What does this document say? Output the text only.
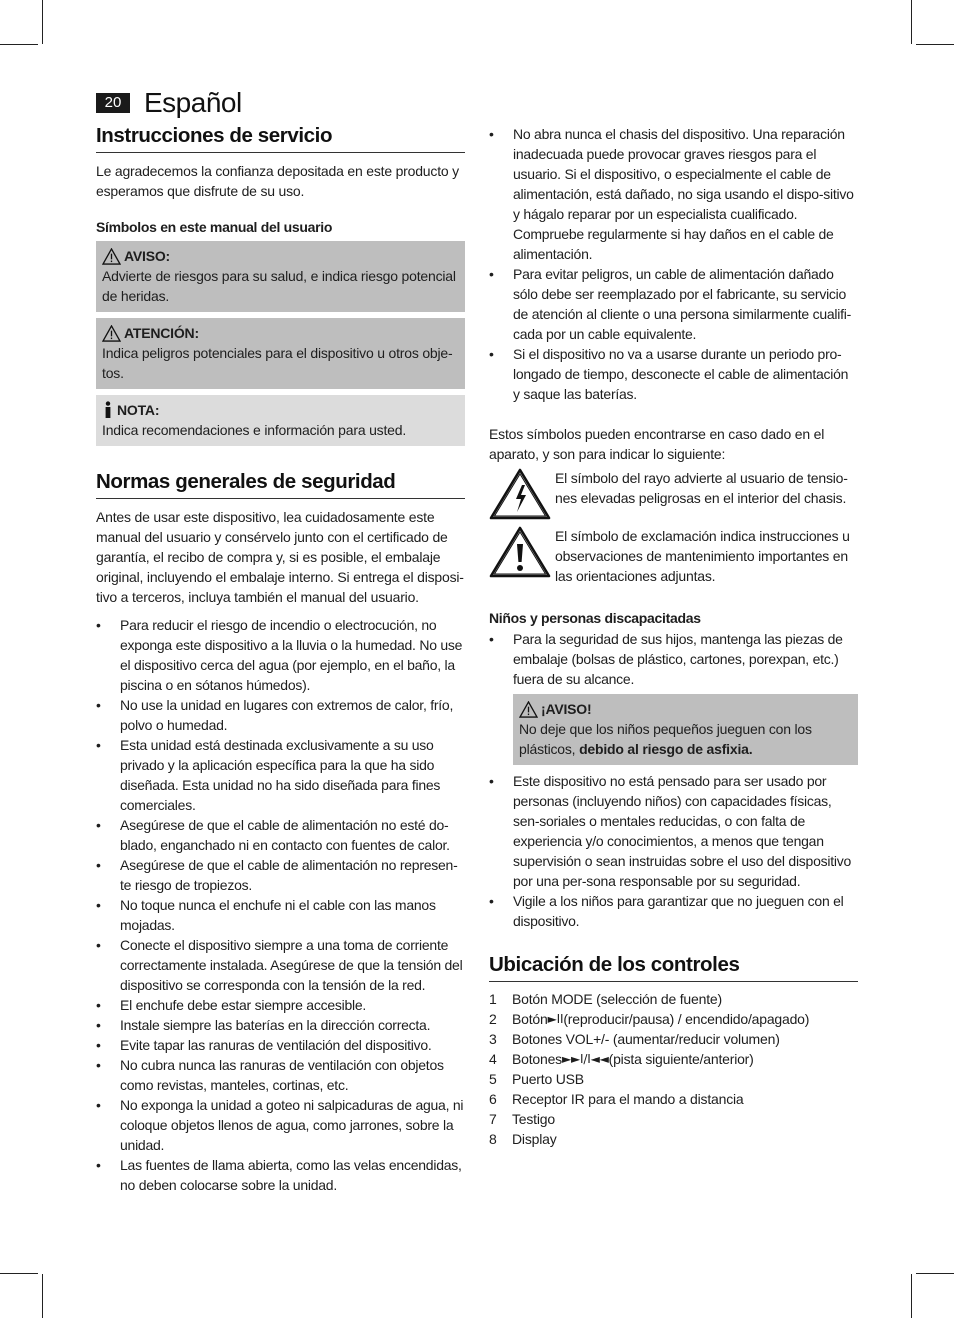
20 Español
Instrucciones de servicio

Le agradecemos la confianza depositada en este producto y esperamos que disfrute de su uso.

Símbolos en este manual del usuario

AVISO:
Advierte de riesgos para su salud, e indica riesgo potencial de heridas.
ATENCIÓN:
Indica peligros potenciales para el dispositivo u otros obje-tos.
NOTA:
Indica recomendaciones e información para usted.
Normas generales de seguridad

Antes de usar este dispositivo, lea cuidadosamente este manual del usuario y consérvelo junto con el certificado de garantía, el recibo de compra y, si es posible, el embalaje original, incluyendo el embalaje interno. Si entrega el disposi-tivo a terceros, incluya también el manual del usuario.

• Para reducir el riesgo de incendio o electrocución, no exponga este dispositivo a la lluvia o la humedad. No use el dispositivo cerca del agua (por ejemplo, en el baño, la piscina o en sótanos húmedos).
• No use la unidad en lugares con extremos de calor, frío, polvo o humedad.
• Esta unidad está destinada exclusivamente a su uso privado y la aplicación específica para la que ha sido diseñada. Esta unidad no ha sido diseñada para fines comerciales.
• Asegúrese de que el cable de alimentación no esté do-blado, enganchado ni en contacto con fuentes de calor.
• Asegúrese de que el cable de alimentación no represen-te riesgo de tropiezos.
• No toque nunca el enchufe ni el cable con las manos mojadas.
• Conecte el dispositivo siempre a una toma de corriente correctamente instalada. Asegúrese de que la tensión del dispositivo se corresponda con la tensión de la red.
• El enchufe debe estar siempre accesible.
• Instale siempre las baterías en la dirección correcta.
• Evite tapar las ranuras de ventilación del dispositivo.
• No cubra nunca las ranuras de ventilación con objetos como revistas, manteles, cortinas, etc.
• No exponga la unidad a goteo ni salpicaduras de agua, ni coloque objetos llenos de agua, como jarrones, sobre la unidad.
• Las fuentes de llama abierta, como las velas encendidas, no deben colocarse sobre la unidad.
• No abra nunca el chasis del dispositivo. Una reparación inadecuada puede provocar graves riesgos para el usuario. Si el dispositivo, o especialmente el cable de alimentación, está dañado, no siga usando el dispo-sitivo y hágalo reparar por un especialista cualificado. Compruebe regularmente si hay daños en el cable de alimentación.
• Para evitar peligros, un cable de alimentación dañado sólo debe ser reemplazado por el fabricante, su servicio de atención al cliente o una persona similarmente cualifi-cada por un cable equivalente.
• Si el dispositivo no va a usarse durante un periodo pro-longado de tiempo, desconecte el cable de alimentación y saque las baterías.

Estos símbolos pueden encontrarse en caso dado en el aparato, y son para indicar lo siguiente:

El símbolo del rayo advierte al usuario de tensio-nes elevadas peligrosas en el interior del chasis.
El símbolo de exclamación indica instrucciones u observaciones de mantenimiento importantes en las orientaciones adjuntas.

Niños y personas discapacitadas

• Para la seguridad de sus hijos, mantenga las piezas de embalaje (bolsas de plástico, cartones, porexpan, etc.) fuera de su alcance.
¡AVISO!
No deje que los niños pequeños jueguen con los plásticos, debido al riesgo de asfixia.
• Este dispositivo no está pensado para ser usado por personas (incluyendo niños) con capacidades físicas, sen-soriales o mentales reducidas, o con falta de experiencia y/o conocimientos, a menos que tengan supervisión o sean instruidas sobre el uso del dispositivo por una per-sona responsable por su seguridad.
• Vigile a los niños para garantizar que no jueguen con el dispositivo.
Ubicación de los controles
1	Botón MODE (selección de fuente)
2	Botón ►II (reproducir/pausa) / encendido/apagado)
3	Botones VOL+/- (aumentar/reducir volumen)
4	Botones ►►I/I◄◄ (pista siguiente/anterior)
5	Puerto USB
6	Receptor IR para el mando a distancia
7	Testigo
8	Display
